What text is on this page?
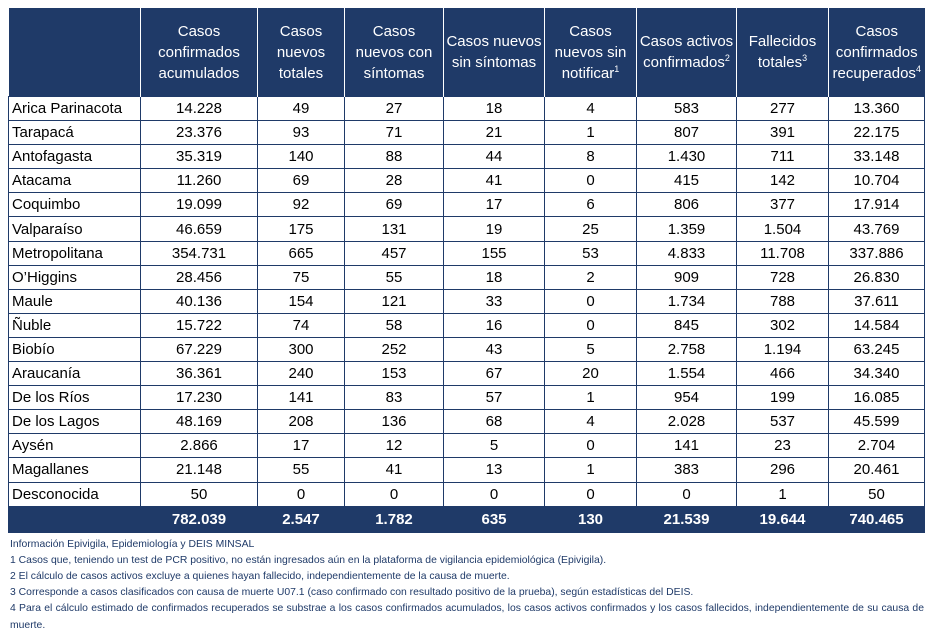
	Casos confirmados acumulados	Casos nuevos totales	Casos nuevos con síntomas	Casos nuevos sin síntomas	Casos nuevos sin notificar$^1$	Casos activos confirmados$^2$	Fallecidos totales$^3$	Casos confirmados recuperados$^4$
Arica Parinacota	14.228	49	27	18	4	583	277	13.360
Tarapacá	23.376	93	71	21	1	807	391	22.175
Antofagasta	35.319	140	88	44	8	1.430	711	33.148
Atacama	11.260	69	28	41	0	415	142	10.704
Coquimbo	19.099	92	69	17	6	806	377	17.914
Valparaíso	46.659	175	131	19	25	1.359	1.504	43.769
Metropolitana	354.731	665	457	155	53	4.833	11.708	337.886
O’Higgins	28.456	75	55	18	2	909	728	26.830
Maule	40.136	154	121	33	0	1.734	788	37.611
Ñuble	15.722	74	58	16	0	845	302	14.584
Biobío	67.229	300	252	43	5	2.758	1.194	63.245
Araucanía	36.361	240	153	67	20	1.554	466	34.340
De los Ríos	17.230	141	83	57	1	954	199	16.085
De los Lagos	48.169	208	136	68	4	2.028	537	45.599
Aysén	2.866	17	12	5	0	141	23	2.704
Magallanes	21.148	55	41	13	1	383	296	20.461
Desconocida	50	0	0	0	0	0	1	50
	782.039	2.547	1.782	635	130	21.539	19.644	740.465
Información Epivigila, Epidemiología y DEIS MINSAL
1 Casos que, teniendo un test de PCR positivo, no están ingresados aún en la plataforma de vigilancia epidemiológica (Epivigila).
2 El cálculo de casos activos excluye a quienes hayan fallecido, independientemente de la causa de muerte.
3 Corresponde a casos clasificados con causa de muerte U07.1 (caso confirmado con resultado positivo de la prueba), según estadísticas del DEIS.
4 Para el cálculo estimado de confirmados recuperados se substrae a los casos confirmados acumulados, los casos activos confirmados y los casos fallecidos, independientemente de su causa de muerte.
